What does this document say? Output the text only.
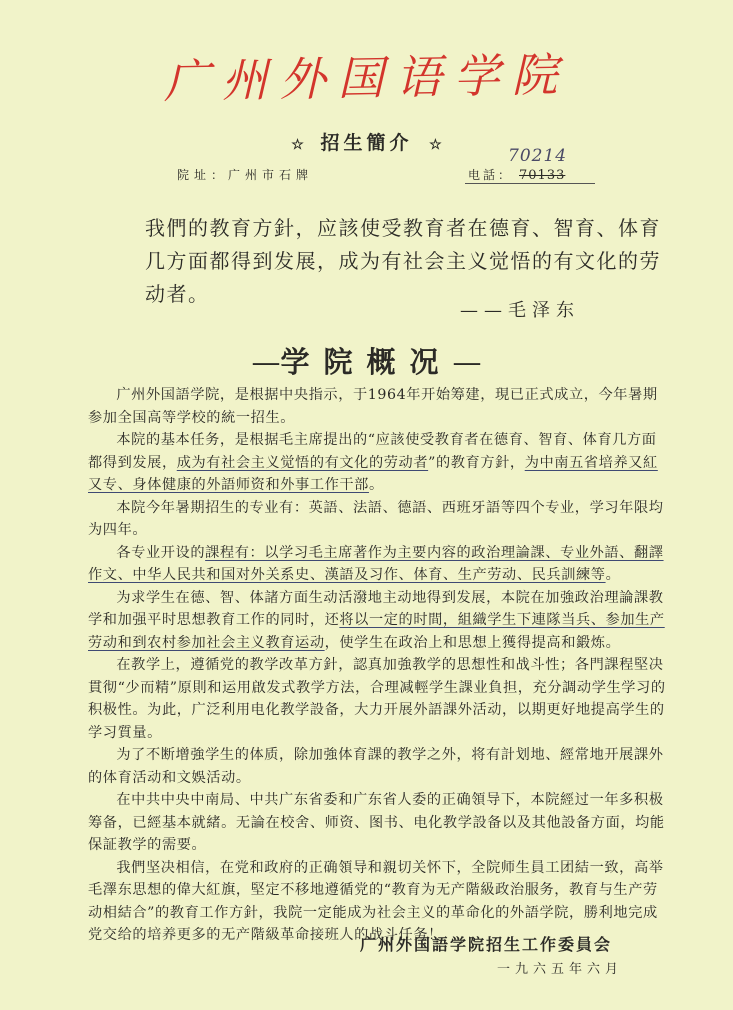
广州外国语学院
☆ 招生簡介 ☆
院址：广州市石牌
70214
电話： 70133
我們的教育方針，应該使受教育者在德育、智育、体育几方面都得到发展，成为有社会主义觉悟的有文化的劳动者。
——毛泽东
—学院概况—

广州外国語学院，是根据中央指示，于1964年开始筹建，現已正式成立，今年暑期参加全国高等学校的統一招生。

本院的基本任务，是根据毛主席提出的“应該使受教育者在德育、智育、体育几方面都得到发展，成为有社会主义觉悟的有文化的劳动者”的教育方針，为中南五省培养又紅又专、身体健康的外語师资和外事工作干部。

本院今年暑期招生的专业有：英語、法語、德語、西班牙語等四个专业，学习年限均为四年。

各专业开设的課程有：以学习毛主席著作为主要内容的政治理論課、专业外語、翻譯作文、中华人民共和国对外关系史、漢語及习作、体育、生产劳动、民兵訓練等。

为求学生在德、智、体諸方面生动活潑地主动地得到发展，本院在加強政治理論課教学和加强平时思想教育工作的同时，还将以一定的时間，組織学生下連隊当兵、参加生产劳动和到农村参加社会主义教育运动，使学生在政治上和思想上獲得提高和鍛炼。

在教学上，遵循党的教学改革方針，認真加強教学的思想性和战斗性；各門課程堅决貫彻“少而精”原則和运用啟发式教学方法，合理减輕学生課业負担，充分調动学生学习的积极性。为此，广泛利用电化教学設备，大力开展外語課外活动，以期更好地提高学生的学习質量。

为了不断增強学生的体质，除加強体育課的教学之外，将有計划地、經常地开展課外的体育活动和文娛活动。

在中共中央中南局、中共广东省委和广东省人委的正确領导下，本院經过一年多积极筹备，已經基本就緒。无論在校舍、师资、图书、电化教学設备以及其他設备方面，均能保証教学的需要。

我們坚决相信，在党和政府的正确領导和親切关怀下，全院师生員工团結一致，高举毛澤东思想的偉大紅旗，堅定不移地遵循党的“教育为无产階級政治服务，教育与生产劳动相結合”的教育工作方針，我院一定能成为社会主义的革命化的外語学院，勝利地完成党交给的培养更多的无产階級革命接班人的战斗任务！

广州外国語学院招生工作委員会
一九六五年六月
